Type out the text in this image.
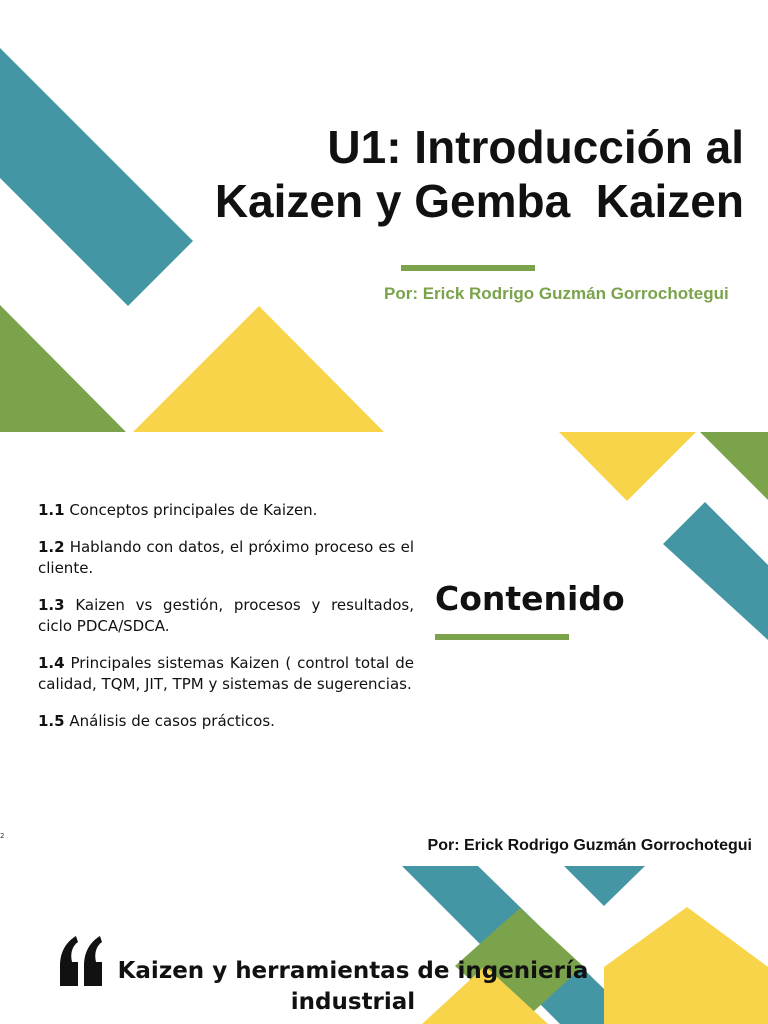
U1: Introducción al
Kaizen y Gemba  Kaizen

Por: Erick Rodrigo Guzmán Gorrochotegui

1.1 Conceptos principales de Kaizen.
1.2 Hablando con datos, el próximo proceso es el cliente.
1.3 Kaizen vs gestión, procesos y resultados, ciclo PDCA/SDCA.
1.4 Principales sistemas Kaizen ( control total de calidad, TQM, JIT, TPM y sistemas de sugerencias.
1.5 Análisis de casos prácticos.
Contenido
2

Por: Erick Rodrigo Guzmán Gorrochotegui

Kaizen y herramientas de ingeniería industrial
